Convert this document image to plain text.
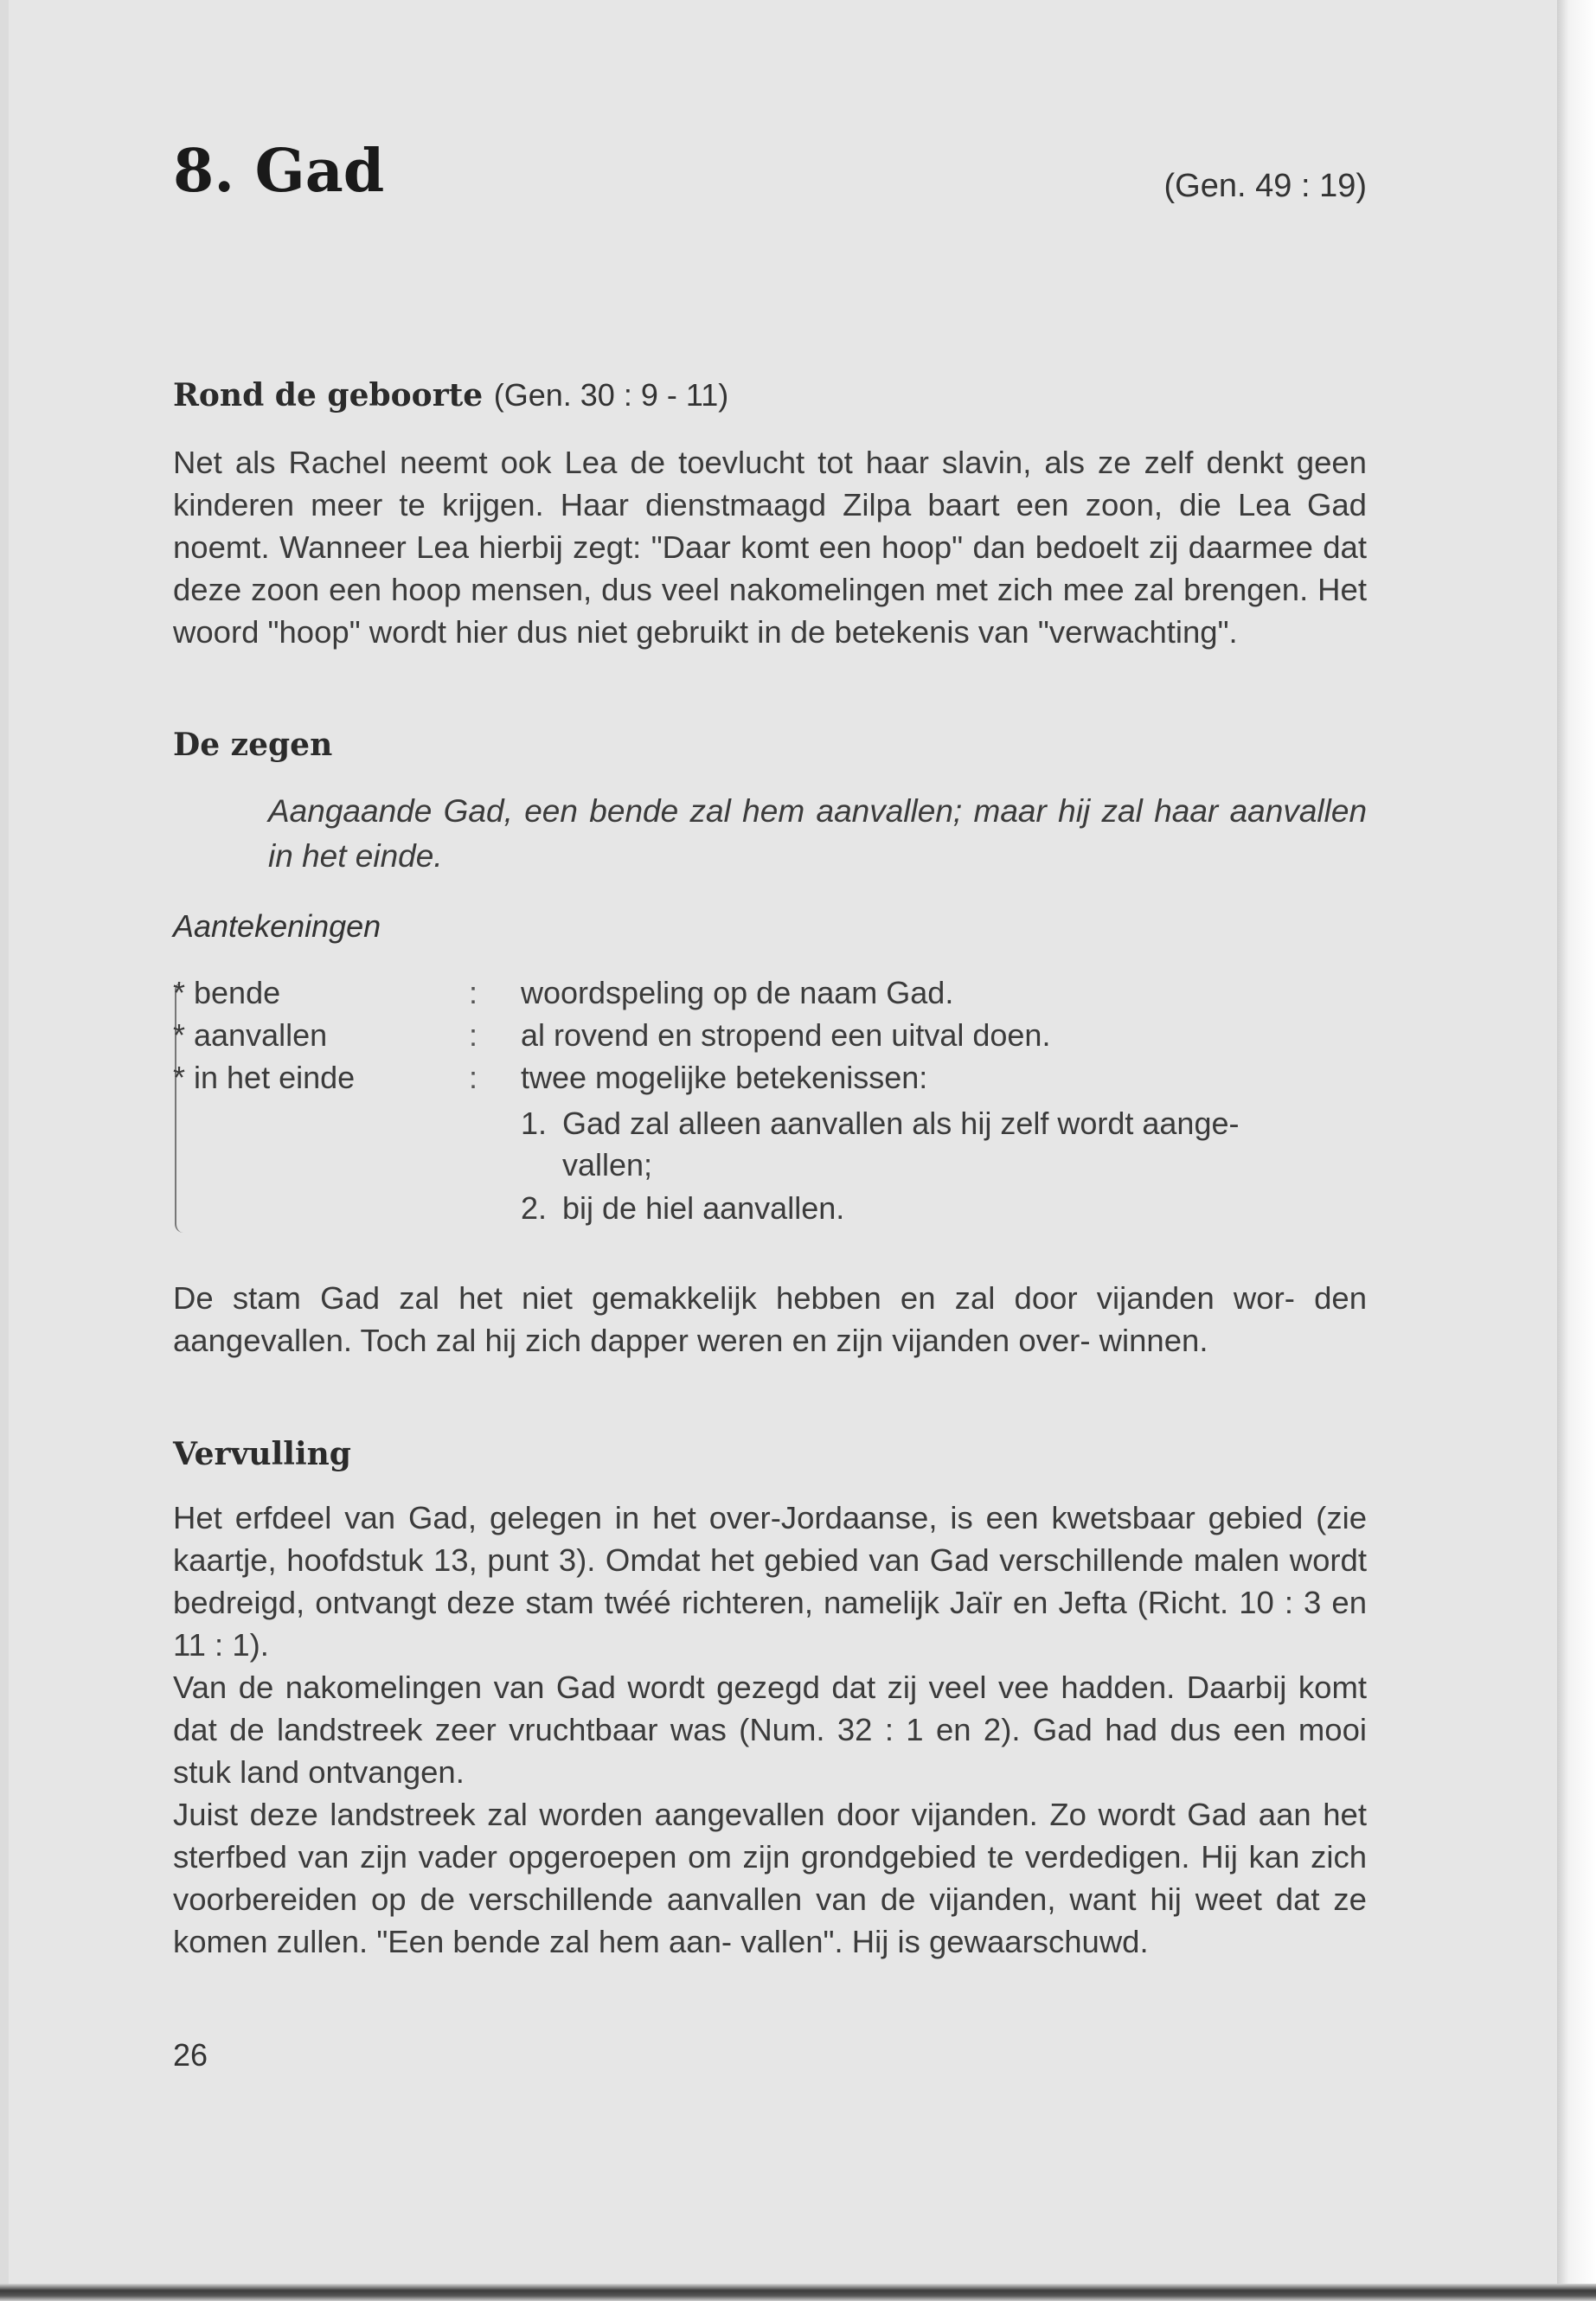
8. Gad	(Gen. 49 : 19)
Rond de geboorte (Gen. 30 : 9 - 11)
Net als Rachel neemt ook Lea de toevlucht tot haar slavin, als ze zelf denkt geen kinderen meer te krijgen. Haar dienstmaagd Zilpa baart een zoon, die Lea Gad noemt. Wanneer Lea hierbij zegt: "Daar komt een hoop" dan bedoelt zij daarmee dat deze zoon een hoop mensen, dus veel nakomelingen met zich mee zal brengen. Het woord "hoop" wordt hier dus niet gebruikt in de betekenis van "verwachting".
De zegen
Aangaande Gad, een bende zal hem aanvallen; maar hij zal haar aanvallen in het einde.
Aantekeningen
* bende	: woordspeling op de naam Gad.
* aanvallen	: al rovend en stropend een uitval doen.
* in het einde	: twee mogelijke betekenissen:
1. Gad zal alleen aanvallen als hij zelf wordt aange-
vallen;
2. bij de hiel aanvallen.
De stam Gad zal het niet gemakkelijk hebben en zal door vijanden wor- den aangevallen. Toch zal hij zich dapper weren en zijn vijanden over- winnen.
Vervulling
Het erfdeel van Gad, gelegen in het over-Jordaanse, is een kwetsbaar gebied (zie kaartje, hoofdstuk 13, punt 3). Omdat het gebied van Gad verschillende malen wordt bedreigd, ontvangt deze stam twéé richteren, namelijk Jaïr en Jefta (Richt. 10 : 3 en 11 : 1).
Van de nakomelingen van Gad wordt gezegd dat zij veel vee hadden. Daarbij komt dat de landstreek zeer vruchtbaar was (Num. 32 : 1 en 2). Gad had dus een mooi stuk land ontvangen.
Juist deze landstreek zal worden aangevallen door vijanden. Zo wordt Gad aan het sterfbed van zijn vader opgeroepen om zijn grondgebied te verdedigen. Hij kan zich voorbereiden op de verschillende aanvallen van de vijanden, want hij weet dat ze komen zullen. "Een bende zal hem aan- vallen". Hij is gewaarschuwd.
26
